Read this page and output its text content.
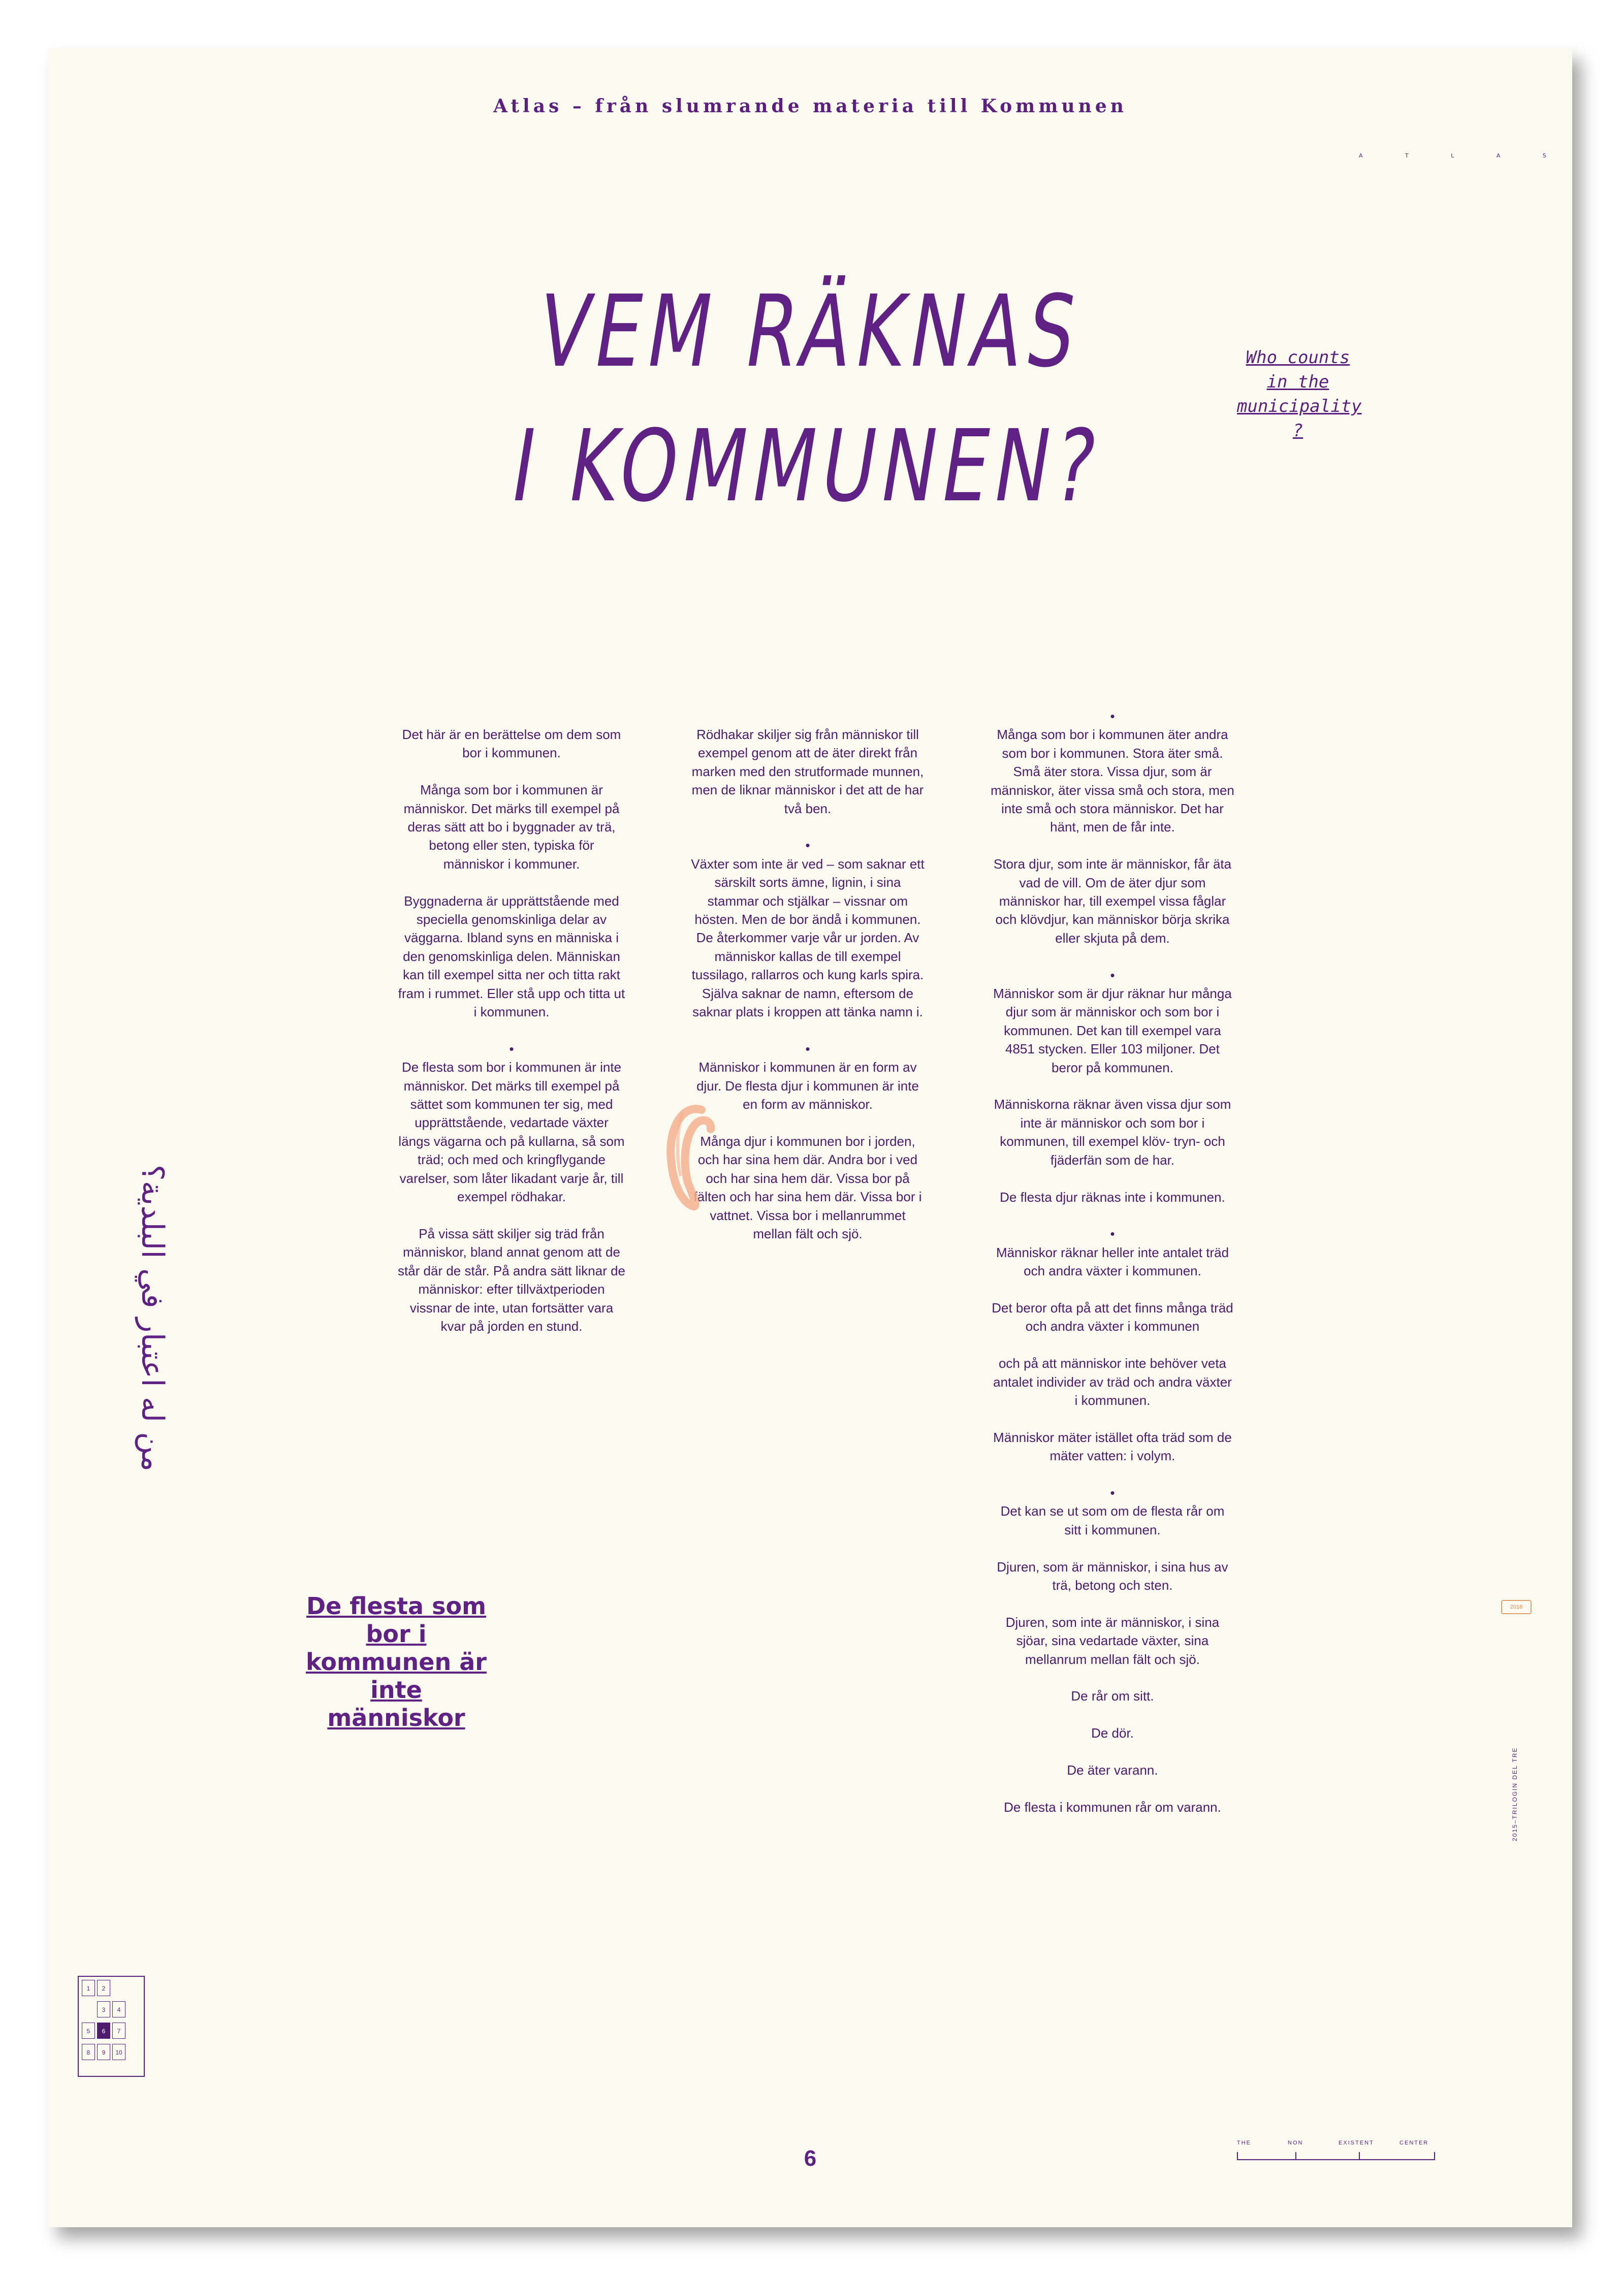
Atlas – från slumrande materia till Kommunen
A T L A S
VEM RÄKNAS
I KOMMUNEN?
Who counts in the municipality ?

Det här är en berättelse om dem som bor i kommunen.

Många som bor i kommunen är människor. Det märks till exempel på deras sätt att bo i byggnader av trä, betong eller sten, typiska för människor i kommuner.

Byggnaderna är upprättstående med speciella genomskinliga delar av väggarna. Ibland syns en människa i den genomskinliga delen. Människan kan till exempel sitta ner och titta rakt fram i rummet. Eller stå upp och titta ut i kommunen.

•

De flesta som bor i kommunen är inte människor. Det märks till exempel på sättet som kommunen ter sig, med upprättstående, vedartade växter längs vägarna och på kullarna, så som träd; och med och kringflygande varelser, som låter likadant varje år, till exempel rödhakar.

På vissa sätt skiljer sig träd från människor, bland annat genom att de står där de står. På andra sätt liknar de människor: efter tillväxtperioden vissnar de inte, utan fortsätter vara kvar på jorden en stund.

Rödhakar skiljer sig från människor till exempel genom att de äter direkt från marken med den strutformade munnen, men de liknar människor i det att de har två ben.

•

Växter som inte är ved – som saknar ett särskilt sorts ämne, lignin, i sina stammar och stjälkar – vissnar om hösten. Men de bor ändå i kommunen. De återkommer varje vår ur jorden. Av människor kallas de till exempel tussilago, rallarros och kung karls spira. Själva saknar de namn, eftersom de saknar plats i kroppen att tänka namn i.

•

Människor i kommunen är en form av djur. De flesta djur i kommunen är inte en form av människor.

Många djur i kommunen bor i jorden, och har sina hem där. Andra bor i ved och har sina hem där. Vissa bor på fälten och har sina hem där. Vissa bor i vattnet. Vissa bor i mellanrummet mellan fält och sjö.

•

Många som bor i kommunen äter andra som bor i kommunen. Stora äter små. Små äter stora. Vissa djur, som är människor, äter vissa små och stora, men inte små och stora människor. Det har hänt, men de får inte.

Stora djur, som inte är människor, får äta vad de vill. Om de äter djur som människor har, till exempel vissa fåglar och klövdjur, kan människor börja skrika eller skjuta på dem.

•

Människor som är djur räknar hur många djur som är människor och som bor i kommunen. Det kan till exempel vara 4851 stycken. Eller 103 miljoner. Det beror på kommunen.

Människorna räknar även vissa djur som inte är människor och som bor i kommunen, till exempel klöv- tryn- och fjäderfän som de har.

De flesta djur räknas inte i kommunen.

•

Människor räknar heller inte antalet träd och andra växter i kommunen.

Det beror ofta på att det finns många träd och andra växter i kommunen

och på att människor inte behöver veta antalet individer av träd och andra växter i kommunen.

Människor mäter istället ofta träd som de mäter vatten: i volym.

•

Det kan se ut som om de flesta rår om sitt i kommunen.

Djuren, som är människor, i sina hus av trä, betong och sten.

Djuren, som inte är människor, i sina sjöar, sina vedartade växter, sina mellanrum mellan fält och sjö.

De rår om sitt.

De dör.

De äter varann.

De flesta i kommunen rår om varann.

من له اعتبار في البلدية؟
De flesta som bor i kommunen är inte människor
2016
2015–TRILOGIN DEL TRE
1	2
3	4
5	6	7
8	9	10
6
THE	NON	EXISTENT	CENTER
